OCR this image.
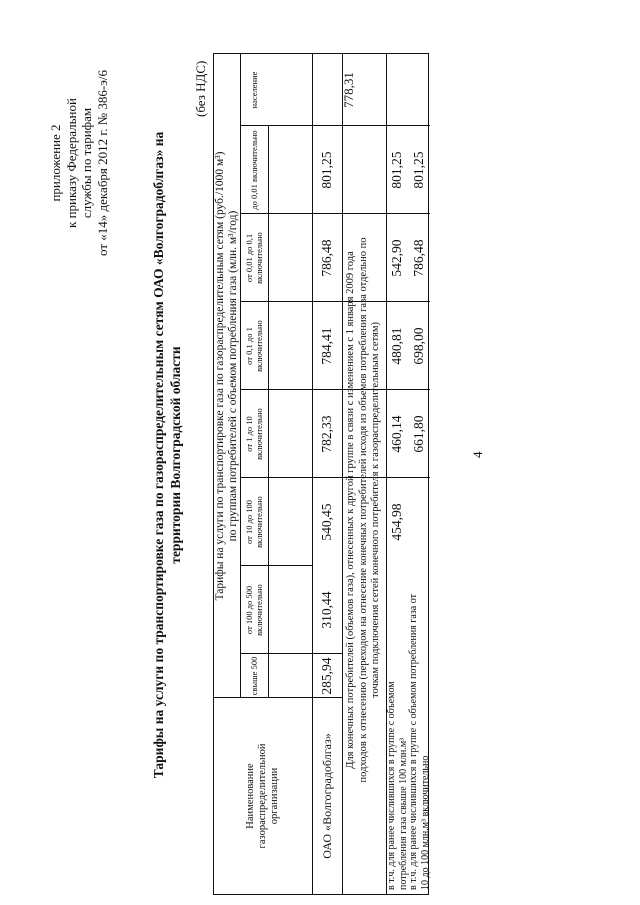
приложение 2 к приказу Федеральной службы по тарифам от «14» декабря 2012 г. № 386-э/6	Тарифы на услуги по транспортировке газа по газораспределительным сетям ОАО «Волгоградоблгаз» на территории Волгоградской области
(без НДС)
Наименование газораспределительной организации
Тарифы на услуги по транспортировке газа по газораспределительным сетям (руб./1000 м³) по группам потребителей с объемом потребления газа (млн. м³/год)
свыше 500
от 100 до 500 включительно
от 10 до 100 включительно
от 1 до 10 включительно
от 0,1 до 1 включительно
от 0,01 до 0,1 включительно
до 0,01 включительно
население
ОАО «Волгоградоблгаз»
285,94
310,44
540,45
782,33
784,41
786,48
801,25
778,31
Для конечных потребителей (объемов газа), отнесенных к другой группе в связи с изменением с 1 января 2009 года подходов к отнесению (переходом на отнесение конечных потребителей исходя из объемов потребления газа отдельно по точкам подключения сетей конечного потребителя к газораспределительным сетям)
в т.ч. для ранее числившихся в группе с объемом потребления газа свыше 100 млн.м³
454,98
460,14
480,81
542,90
801,25
в т.ч. для ранее числившихся в группе с объемом потребления газа от 10 до 100 млн.м³ включительно
661,80
698,00
786,48
801,25
4
